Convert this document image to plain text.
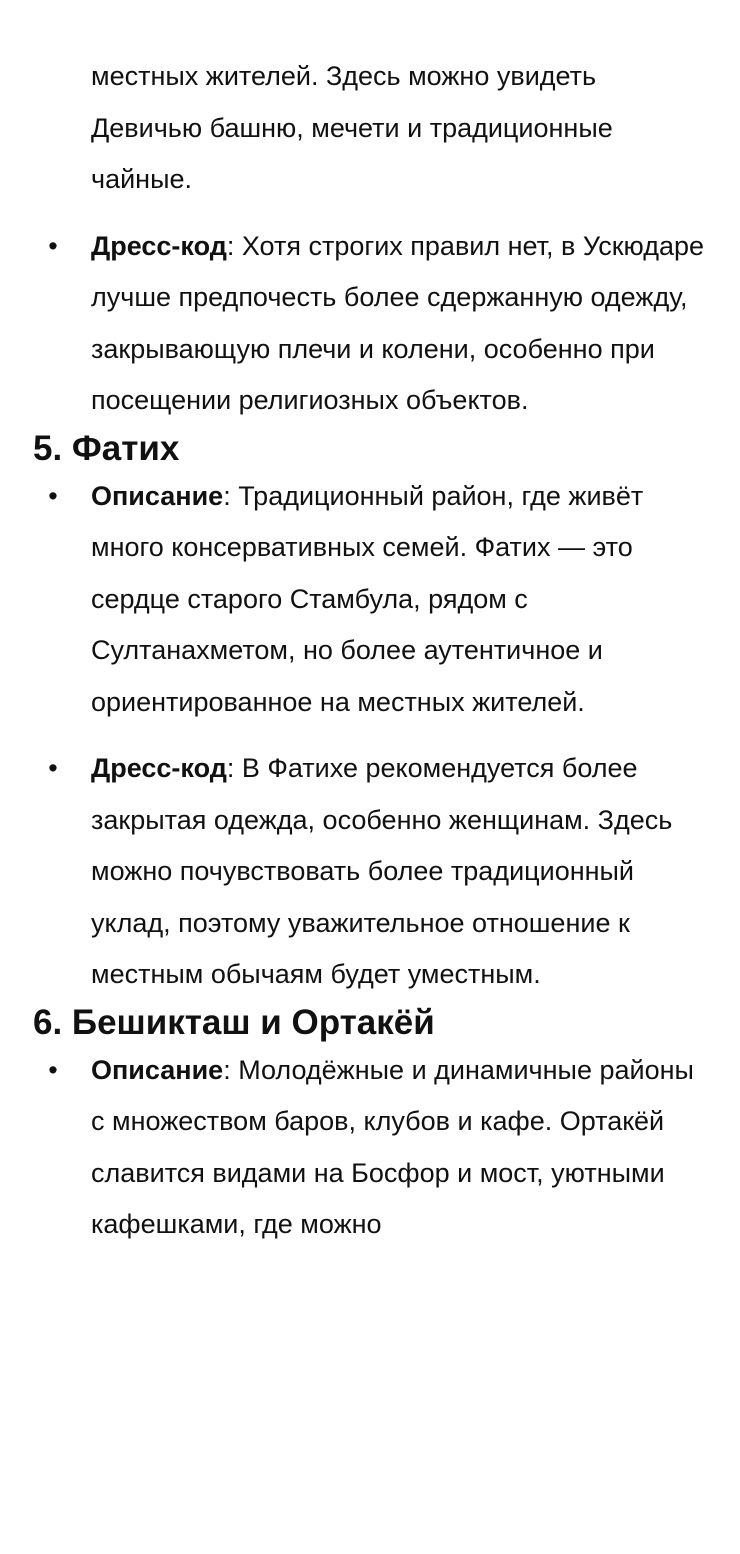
местных жителей. Здесь можно увидеть Девичью башню, мечети и традиционные чайные.

• Дресс-код: Хотя строгих правил нет, в Ускюдаре лучше предпочесть более сдержанную одежду, закрывающую плечи и колени, особенно при посещении религиозных объектов.
5. Фатих
• Описание: Традиционный район, где живёт много консервативных семей. Фатих — это сердце старого Стамбула, рядом с Султанахметом, но более аутентичное и ориентированное на местных жителей.
• Дресс-код: В Фатихе рекомендуется более закрытая одежда, особенно женщинам. Здесь можно почувствовать более традиционный уклад, поэтому уважительное отношение к местным обычаям будет уместным.
6. Бешикташ и Ортакёй
• Описание: Молодёжные и динамичные районы с множеством баров, клубов и кафе. Ортакёй славится видами на Босфор и мост, уютными кафешками, где можно
